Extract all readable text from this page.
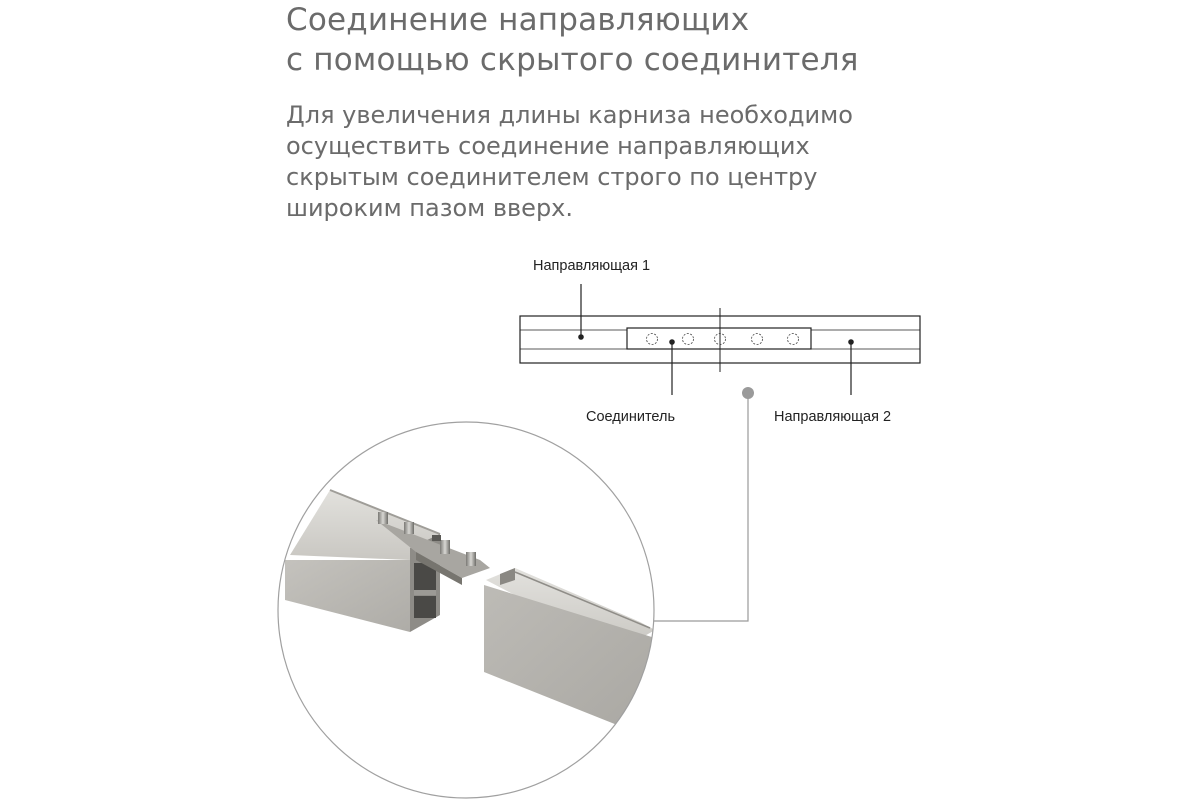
Соединение направляющих
с помощью скрытого соединителя
Для увеличения длины карниза необходимо
осуществить соединение направляющих
скрытым соединителем строго по центру
широким пазом вверх.
Направляющая 1
Соединитель	Направляющая 2
